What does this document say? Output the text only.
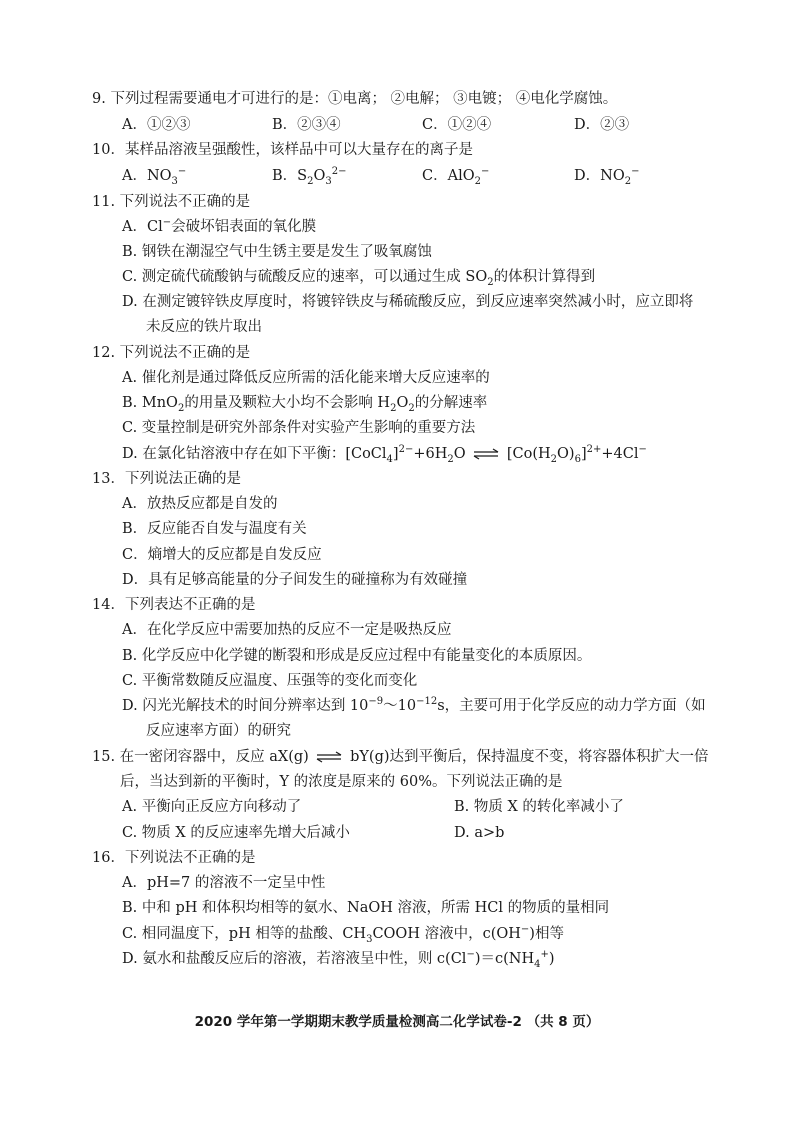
9. 下列过程需要通电才可进行的是：①电离； ②电解； ③电镀； ④电化学腐蚀。
A．①②③	B．②③④	C．①②④	D．②③
10．某样品溶液呈强酸性，该样品中可以大量存在的离子是
A．$NO_3^-$	B．$S_2O_3^{2-}$	C．AlO$_2$−	D．$NO_2^-$
11. 下列说法不正确的是
A．Cl−会破坏铝表面的氧化膜
B. 钢铁在潮湿空气中生锈主要是发生了吸氧腐蚀
C. 测定硫代硫酸钠与硫酸反应的速率，可以通过生成 $SO_2$的体积计算得到
D. 在测定镀锌铁皮厚度时，将镀锌铁皮与稀硫酸反应，到反应速率突然减小时，应立即将
未反应的铁片取出
12. 下列说法不正确的是
A. 催化剂是通过降低反应所需的活化能来增大反应速率的
B. MnO$_2$的用量及颗粒大小均不会影响 $H_2O_2$的分解速率
C. 变量控制是研究外部条件对实验产生影响的重要方法
D. 在氯化钴溶液中存在如下平衡：$[CoCl_4]^{2-}+6H_2O$ ⇌ $[Co(H_2O)_6]^{2+}+4Cl^-$
13．下列说法正确的是
A．放热反应都是自发的
B．反应能否自发与温度有关
C．熵增大的反应都是自发反应
D．具有足够高能量的分子间发生的碰撞称为有效碰撞
14．下列表达不正确的是
A．在化学反应中需要加热的反应不一定是吸热反应
B. 化学反应中化学键的断裂和形成是反应过程中有能量变化的本质原因。
C. 平衡常数随反应温度、压强等的变化而变化
D. 闪光光解技术的时间分辨率达到 $10^{-9}\sim 10^{-12}s$，主要可用于化学反应的动力学方面（如
反应速率方面）的研究
15. 在一密闭容器中，反应 aX(g) ⇌ bY(g)达到平衡后，保持温度不变，将容器体积扩大一倍
后，当达到新的平衡时，Y 的浓度是原来的 60%。下列说法正确的是
A. 平衡向正反应方向移动了	B. 物质 X 的转化率减小了
C. 物质 X 的反应速率先增大后减小	D. a>b
16．下列说法不正确的是
A．pH=7 的溶液不一定呈中性
B. 中和 pH 和体积均相等的氨水、NaOH 溶液，所需 HCl 的物质的量相同
C. 相同温度下，pH 相等的盐酸、$CH_3COOH$ 溶液中，c(OH−)相等
D. 氨水和盐酸反应后的溶液，若溶液呈中性，则 $c(Cl^-)=c(NH_4^+)$
2020 学年第一学期期末教学质量检测高二化学试卷-2 （共 8 页）
